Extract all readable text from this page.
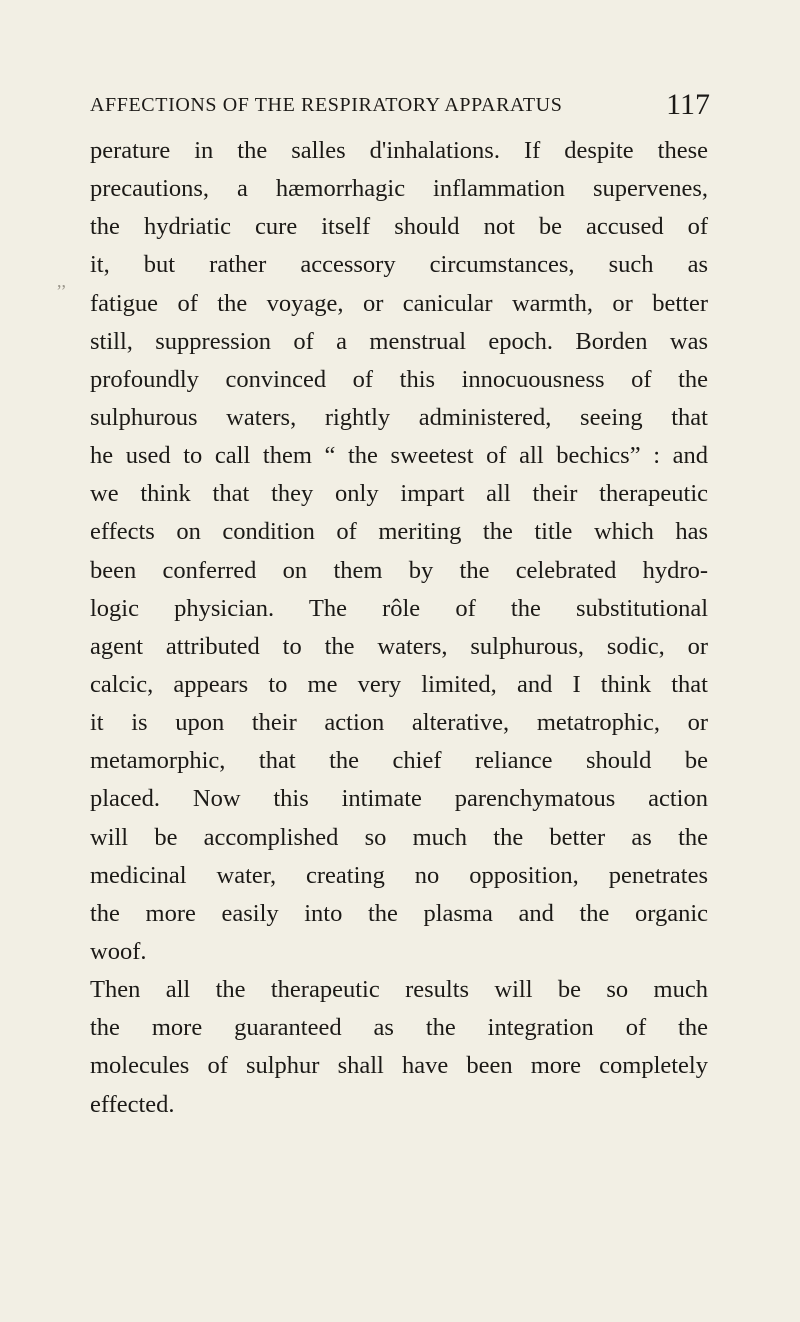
AFFECTIONS OF THE RESPIRATORY APPARATUS	117
,,
perature in the salles d'inhalations. If despite these
precautions, a hæmorrhagic inflammation supervenes,
the hydriatic cure itself should not be accused of
it, but rather accessory circumstances, such as
fatigue of the voyage, or canicular warmth, or better
still, suppression of a menstrual epoch. Borden was
profoundly convinced of this innocuousness of the
sulphurous waters, rightly administered, seeing that
he used to call them “ the sweetest of all bechics” : and
we think that they only impart all their therapeutic
effects on condition of meriting the title which has
been conferred on them by the celebrated hydro-
logic physician. The rôle of the substitutional
agent attributed to the waters, sulphurous, sodic, or
calcic, appears to me very limited, and I think that
it is upon their action alterative, metatrophic, or
metamorphic, that the chief reliance should be
placed. Now this intimate parenchymatous action
will be accomplished so much the better as the
medicinal water, creating no opposition, penetrates
the more easily into the plasma and the organic
woof.
Then all the therapeutic results will be so much
the more guaranteed as the integration of the
molecules of sulphur shall have been more completely
effected.
